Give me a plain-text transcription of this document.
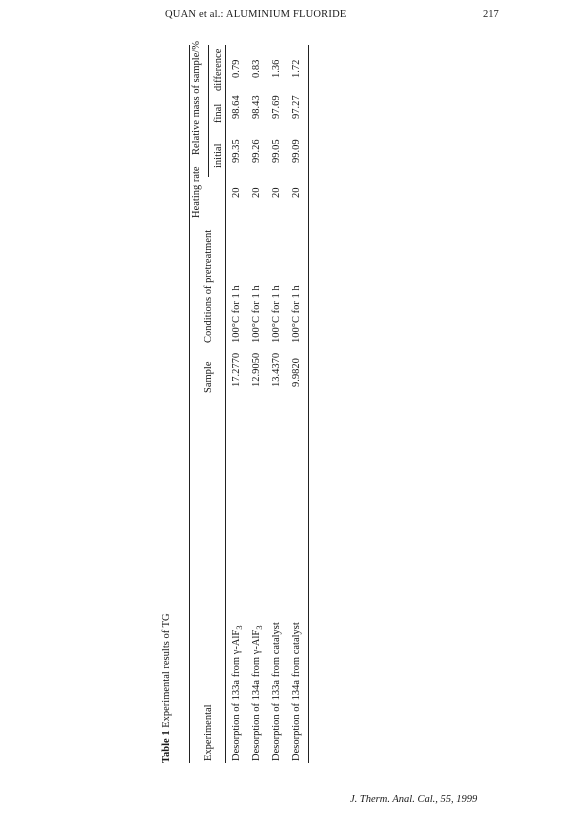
QUAN et al.: ALUMINIUM FLUORIDE	217
Table 1 Experimental results of TG
Relative mass of sample/%
Experimental
Sample
Conditions of pretreatment
Heating rate
initial
final
difference
Desorption of 133a from γ-AlF$_3$
17.2770
100°C for 1 h
20
99.35
98.64
0.79
Desorption of 134a from γ-AlF$_3$
12.9050
100°C for 1 h
20
99.26
98.43
0.83
Desorption of 133a from catalyst
13.4370
100°C for 1 h
20
99.05
97.69
1.36
Desorption of 134a from catalyst
9.9820
100°C for 1 h
20
99.09
97.27
1.72
J. Therm. Anal. Cal., 55, 1999
